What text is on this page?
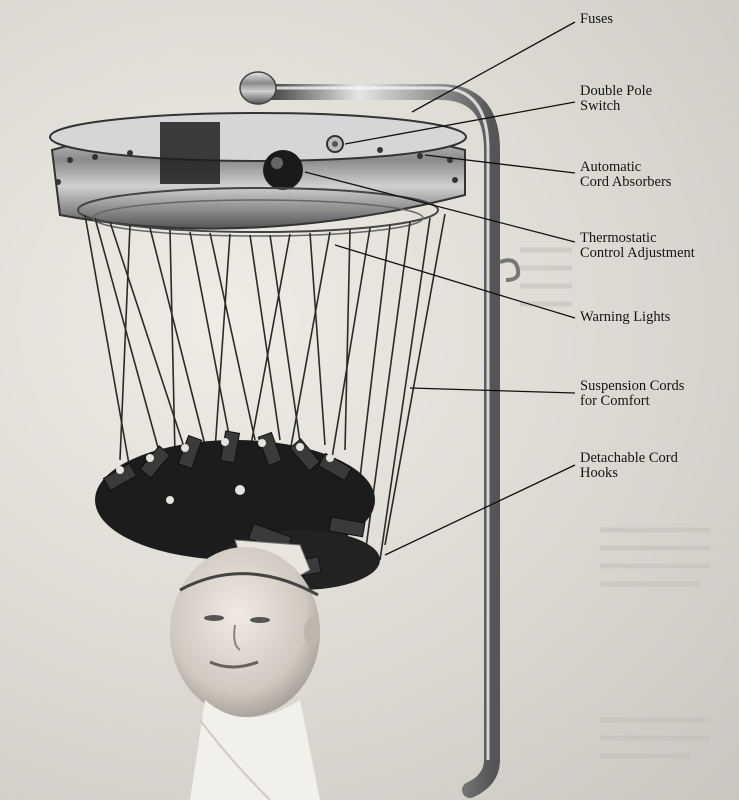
Fuses
Double Pole
Switch
Automatic
Cord Absorbers
Thermostatic
Control Adjustment
Warning Lights
Suspension Cords
for Comfort
Detachable Cord
Hooks
